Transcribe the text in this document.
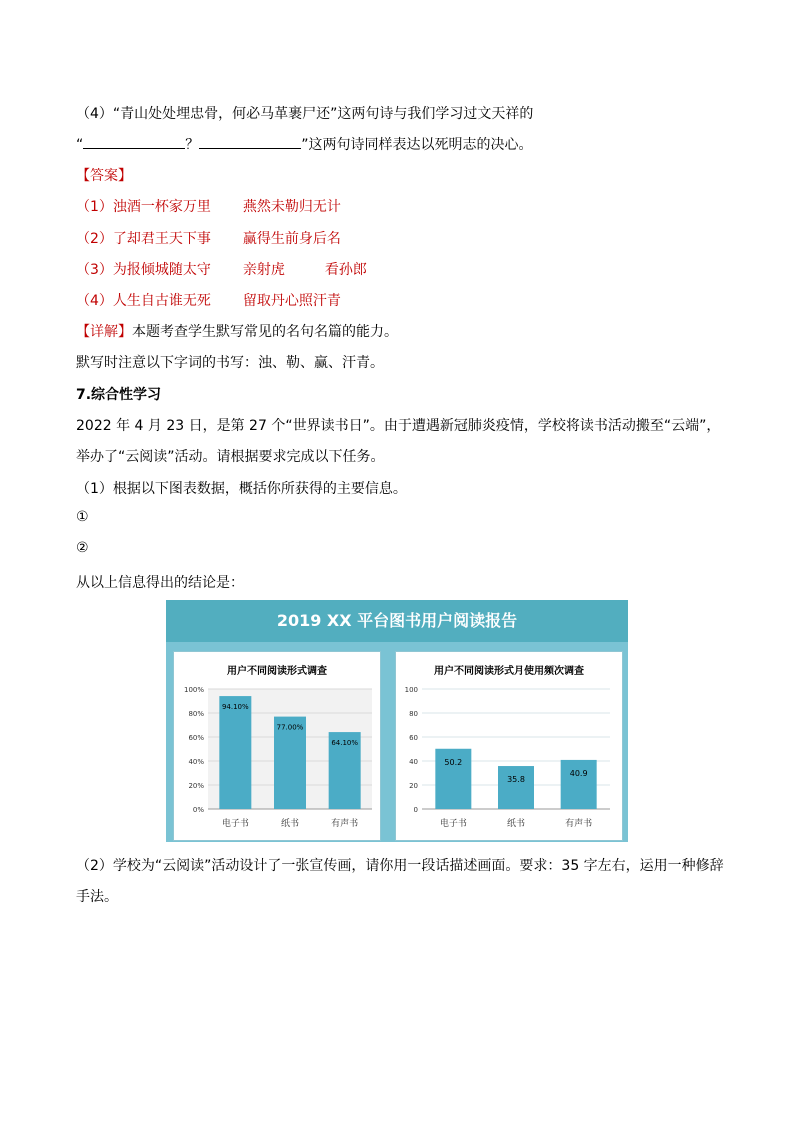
（4）“青山处处埋忠骨，何必马革裹尸还”这两句诗与我们学习过文天祥的
“	？	”这两句诗同样表达以死明志的决心。
【答案】
（1）浊酒一杯家万里 燕然未勒归无计
（2）了却君王天下事 赢得生前身后名
（3）为报倾城随太守 亲射虎	看孙郎
（4）人生自古谁无死 留取丹心照汗青
【详解】本题考查学生默写常见的名句名篇的能力。
默写时注意以下字词的书写：浊、勒、赢、汗青。
7.综合性学习
2022 年 4 月 23 日，是第 27 个“世界读书日”。由于遭遇新冠肺炎疫情，学校将读书活动搬至“云端”，
举办了“云阅读”活动。请根据要求完成以下任务。
（1）根据以下图表数据，概括你所获得的主要信息。
①
②
从以上信息得出的结论是：
2019 XX 平台图书用户阅读报告
用户不同阅读形式调查
0%
20%
40%
60%
80%
100%
94.10%
电子书
77.00%
纸书
64.10%
有声书
用户不同阅读形式月使用频次调查
0
20
40
60
80
100
50.2
电子书
35.8
纸书
40.9
有声书
（2）学校为“云阅读”活动设计了一张宣传画，请你用一段话描述画面。要求：35 字左右，运用一种修辞
手法。
